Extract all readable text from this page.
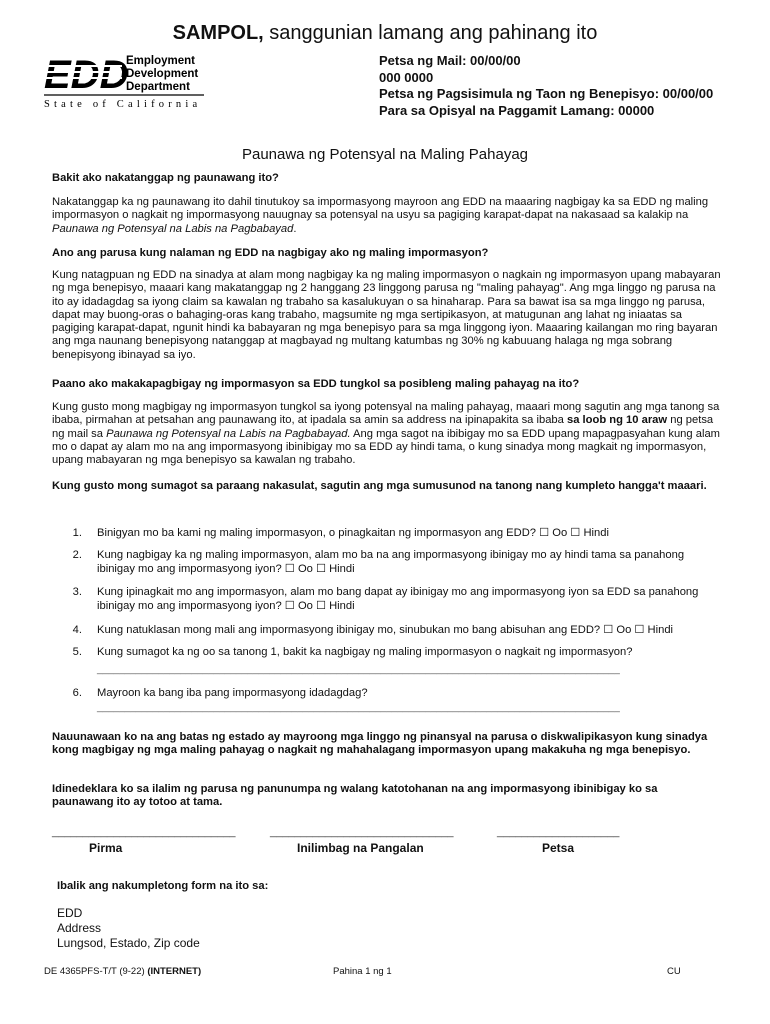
SAMPOL, sanggunian lamang ang pahinang ito
EDD
Employment
Development
Department
State of California
Petsa ng Mail: 00/00/00
000 0000
Petsa ng Pagsisimula ng Taon ng Benepisyo: 00/00/00
Para sa Opisyal na Paggamit Lamang: 00000
Paunawa ng Potensyal na Maling Pahayag
Bakit ako nakatanggap ng paunawang ito?
Nakatanggap ka ng paunawang ito dahil tinutukoy sa impormasyong mayroon ang EDD na maaaring nagbigay ka sa EDD ng maling impormasyon o nagkait ng impormasyong nauugnay sa potensyal na usyu sa pagiging karapat-dapat na nakasaad sa kalakip na Paunawa ng Potensyal na Labis na Pagbabayad.
Ano ang parusa kung nalaman ng EDD na nagbigay ako ng maling impormasyon?
Kung natagpuan ng EDD na sinadya at alam mong nagbigay ka ng maling impormasyon o nagkain ng impormasyon upang mabayaran ng mga benepisyo, maaari kang makatanggap ng 2 hanggang 23 linggong parusa ng "maling pahayag". Ang mga linggo ng parusa na ito ay idadagdag sa iyong claim sa kawalan ng trabaho sa kasalukuyan o sa hinaharap. Para sa bawat isa sa mga linggo ng parusa, dapat may buong-oras o bahaging-oras kang trabaho, magsumite ng mga sertipikasyon, at matugunan ang lahat ng iniaatas sa pagiging karapat-dapat, ngunit hindi ka babayaran ng mga benepisyo para sa mga linggong iyon. Maaaring kailangan mo ring bayaran ang mga naunang benepisyong natanggap at magbayad ng multang katumbas ng 30% ng kabuuang halaga ng mga sobrang benepisyong ibinayad sa iyo.
Paano ako makakapagbigay ng impormasyon sa EDD tungkol sa posibleng maling pahayag na ito?
Kung gusto mong magbigay ng impormasyon tungkol sa iyong potensyal na maling pahayag, maaari mong sagutin ang mga tanong sa ibaba, pirmahan at petsahan ang paunawang ito, at ipadala sa amin sa address na ipinapakita sa ibaba sa loob ng 10 araw ng petsa ng mail sa Paunawa ng Potensyal na Labis na Pagbabayad. Ang mga sagot na ibibigay mo sa EDD upang mapagpasyahan kung alam mo o dapat ay alam mo na ang impormasyong ibinibigay mo sa EDD ay hindi tama, o kung sinadya mong magkait ng impormasyon, upang mabayaran ng mga benepisyo sa kawalan ng trabaho.
Kung gusto mong sumagot sa paraang nakasulat, sagutin ang mga sumusunod na tanong nang kumpleto hangga't maaari.
1. Binigyan mo ba kami ng maling impormasyon, o pinagkaitan ng impormasyon ang EDD? ☐ Oo ☐ Hindi
2. Kung nagbigay ka ng maling impormasyon, alam mo ba na ang impormasyong ibinigay mo ay hindi tama sa panahong ibinigay mo ang impormasyong iyon? ☐ Oo ☐ Hindi
3. Kung ipinagkait mo ang impormasyon, alam mo bang dapat ay ibinigay mo ang impormasyong iyon sa EDD sa panahong ibinigay mo ang impormasyong iyon? ☐ Oo ☐ Hindi
4. Kung natuklasan mong mali ang impormasyong ibinigay mo, sinubukan mo bang abisuhan ang EDD? ☐ Oo ☐ Hindi
5. Kung sumagot ka ng oo sa tanong 1, bakit ka nagbigay ng maling impormasyon o nagkait ng impormasyon?
______________________________________________________________________________________________
6. Mayroon ka bang iba pang impormasyong idadagdag?
______________________________________________________________________________________________
Nauunawaan ko na ang batas ng estado ay mayroong mga linggo ng pinansyal na parusa o diskwalipikasyon kung sinadya kong magbigay ng mga maling pahayag o nagkait ng mahahalagang impormasyon upang makakuha ng mga benepisyo.
Idinedeklara ko sa ilalim ng parusa ng panunumpa ng walang katotohanan na ang impormasyong ibinibigay ko sa paunawang ito ay totoo at tama.
______________________________	______________________________	____________________
Pirma	Inilimbag na Pangalan	Petsa
Ibalik ang nakumpletong form na ito sa:
EDD
Address
Lungsod, Estado, Zip code
DE 4365PFS-T/T (9-22) (INTERNET)	Pahina 1 ng 1	CU
